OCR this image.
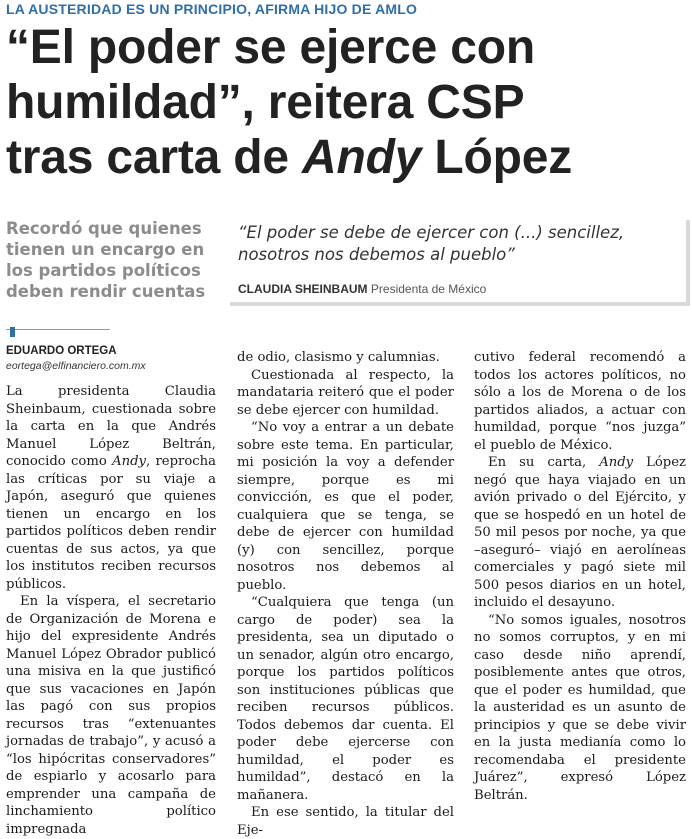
LA AUSTERIDAD ES UN PRINCIPIO, AFIRMA HIJO DE AMLO
“El poder se ejerce con
humildad”, reitera CSP
tras carta de Andy López
Recordó que quienes tienen un encargo en los partidos políticos deben rendir cuentas
“El poder se debe de ejercer con (...) sencillez, nosotros nos debemos al pueblo”
CLAUDIA SHEINBAUM Presidenta de México
EDUARDO ORTEGA
eortega@elfinanciero.com.mx

La presidenta Claudia Sheinbaum, cuestionada sobre la carta en la que Andrés Manuel López Beltrán, conocido como Andy, reprocha las críticas por su viaje a Japón, aseguró que quienes tienen un encargo en los partidos políticos deben rendir cuentas de sus actos, ya que los institutos reciben recursos públicos.

En la víspera, el secretario de Organización de Morena e hijo del expresidente Andrés Manuel López Obrador publicó una misiva en la que justificó que sus vacaciones en Japón las pagó con sus propios recursos tras “extenuantes jornadas de trabajo”, y acusó a “los hipócritas conservadores” de espiarlo y acosarlo para emprender una campaña de linchamiento político impregnada

de odio, clasismo y calumnias.

Cuestionada al respecto, la mandataria reiteró que el poder se debe ejercer con humildad.

“No voy a entrar a un debate sobre este tema. En particular, mi posición la voy a defender siempre, porque es mi convicción, es que el poder, cualquiera que se tenga, se debe de ejercer con humildad (y) con sencillez, porque nosotros nos debemos al pueblo.

“Cualquiera que tenga (un cargo de poder) sea la presidenta, sea un diputado o un senador, algún otro encargo, porque los partidos políticos son instituciones públicas que reciben recursos públicos. Todos debemos dar cuenta. El poder debe ejercerse con humildad, el poder es humildad”, destacó en la mañanera.

En ese sentido, la titular del Eje-

cutivo federal recomendó a todos los actores políticos, no sólo a los de Morena o de los partidos aliados, a actuar con humildad, porque “nos juzga” el pueblo de México.

En su carta, Andy López negó que haya viajado en un avión privado o del Ejército, y que se hospedó en un hotel de 50 mil pesos por noche, ya que –aseguró– viajó en aerolíneas comerciales y pagó siete mil 500 pesos diarios en un hotel, incluido el desayuno.

“No somos iguales, nosotros no somos corruptos, y en mi caso desde niño aprendí, posiblemente antes que otros, que el poder es humildad, que la austeridad es un asunto de principios y que se debe vivir en la justa medianía como lo recomendaba el presidente Juárez”, expresó López Beltrán.
